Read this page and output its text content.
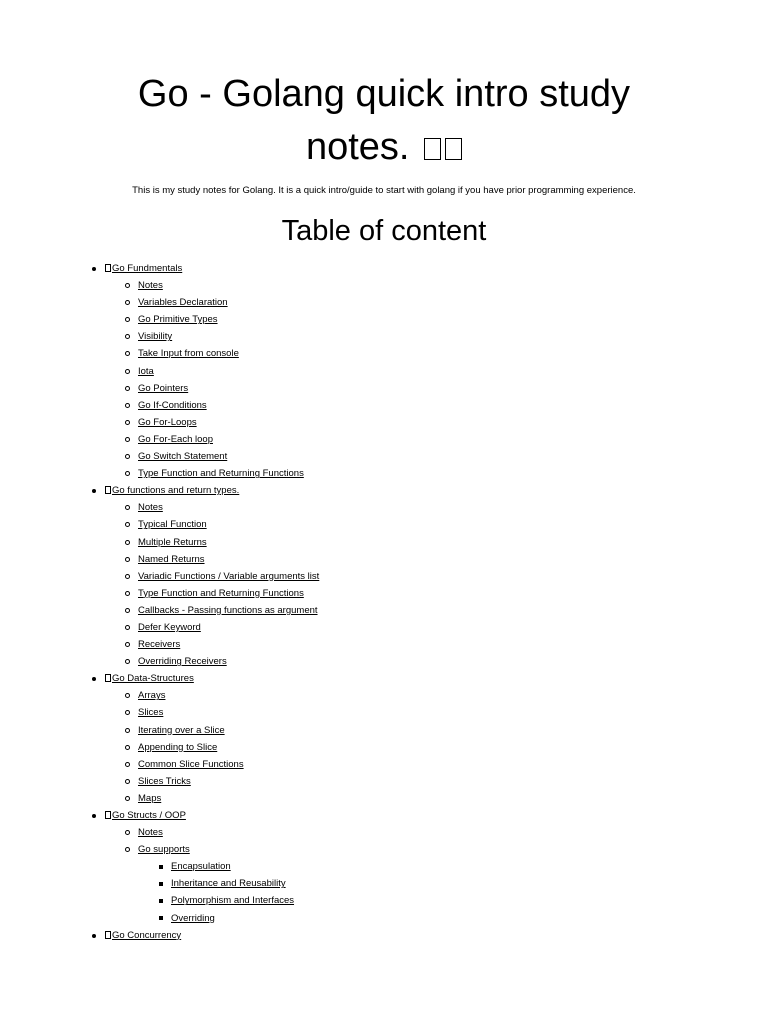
Go - Golang quick intro study notes.

This is my study notes for Golang. It is a quick intro/guide to start with golang if you have prior programming experience.

Table of content
Go Fundmentals
Notes
Variables Declaration
Go Primitive Types
Visibility
Take Input from console
Iota
Go Pointers
Go If-Conditions
Go For-Loops
Go For-Each loop
Go Switch Statement
Type Function and Returning Functions
Go functions and return types.
Notes
Typical Function
Multiple Returns
Named Returns
Variadic Functions / Variable arguments list
Type Function and Returning Functions
Callbacks - Passing functions as argument
Defer Keyword
Receivers
Overriding Receivers
Go Data-Structures
Arrays
Slices
Iterating over a Slice
Appending to Slice
Common Slice Functions
Slices Tricks
Maps
Go Structs / OOP
Notes
Go supports
Encapsulation
Inheritance and Reusability
Polymorphism and Interfaces
Overriding
Go Concurrency
